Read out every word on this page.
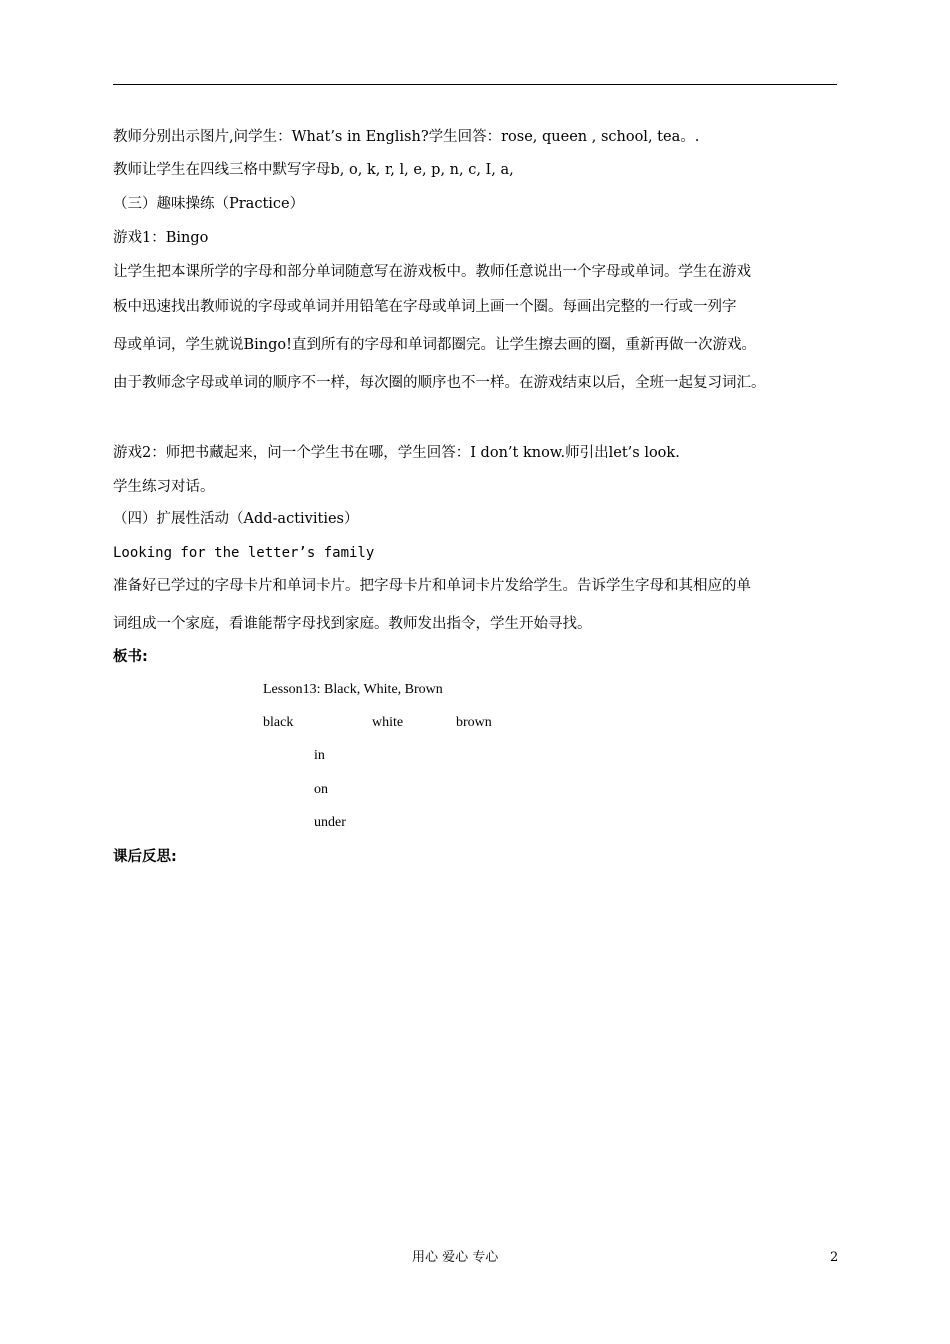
教师分别出示图片,问学生：What’s in English?学生回答：rose, queen , school, tea。.
教师让学生在四线三格中默写字母b, o, k, r, l, e, p, n, c, I, a,
（三）趣味操练（Practice）
游戏1：Bingo
让学生把本课所学的字母和部分单词随意写在游戏板中。教师任意说出一个字母或单词。学生在游戏
板中迅速找出教师说的字母或单词并用铅笔在字母或单词上画一个圈。每画出完整的一行或一列字
母或单词，学生就说Bingo!直到所有的字母和单词都圈完。让学生擦去画的圈，重新再做一次游戏。
由于教师念字母或单词的顺序不一样，每次圈的顺序也不一样。在游戏结束以后，全班一起复习词汇。
游戏2：师把书藏起来，问一个学生书在哪，学生回答：I don’t know.师引出let’s look.
学生练习对话。
（四）扩展性活动（Add-activities）
Looking for the letter’s family
准备好已学过的字母卡片和单词卡片。把字母卡片和单词卡片发给学生。告诉学生字母和其相应的单
词组成一个家庭，看谁能帮字母找到家庭。教师发出指令，学生开始寻找。
板书:
Lesson13: Black, White, Brown
black	white	brown
in
on
under
课后反思:
用心 爱心 专心	2
